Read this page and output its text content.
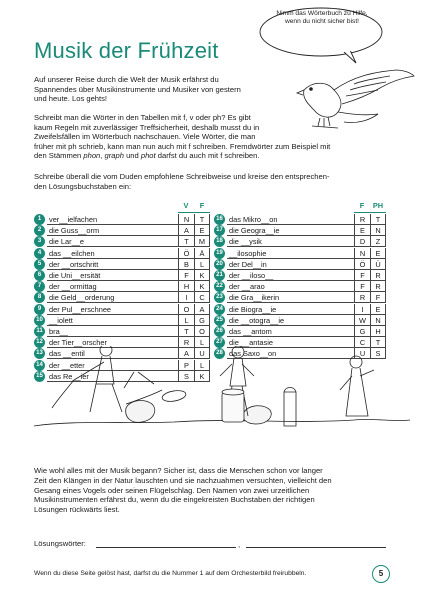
Musik der Frühzeit
Nimm das Wörterbuch zu Hilfe, wenn du nicht sicher bist!
Auf unserer Reise durch die Welt der Musik erfährst du
Spannendes über Musikinstrumente und Musiker von gestern
und heute. Los gehts!
Schreibt man die Wörter in den Tabellen mit f, v oder ph? Es gibt
kaum Regeln mit zuverlässiger Treffsicherheit, deshalb musst du in
Zweifelsfällen im Wörterbuch nachschauen. Viele Wörter, die man
früher mit ph schrieb, kann man nun auch mit f schreiben. Fremdwörter zum Beispiel mit
den Stämmen phon, graph und phot darfst du auch mit f schreiben.
Schreibe überall die vom Duden empfohlene Schreibweise und kreise den entsprechen-
den Lösungsbuchstaben ein:
V	F
1	ver__ielfachen	N	T
2	die Guss__orm	A	E
3	die Lar__e	T	M
4	das __eilchen	Ö	Ä
5	der __ortschritt	B	L
6	die Uni__ersität	F	K
7	der __ormittag	H	K
8	die Geld__orderung	I	C
9	der Pul__erschnee	O	A
10 __iolett	L	G
11 bra__	T	O
12 der Tier__orscher	R	L
13 das __entil	A	U
14 der __etter	P	L
15 das Re__ier	S	K
F	PH
16 das Mikro__on	R	T
17 die Geogra__ie	E	N
18 die __ysik	D	Z
19 __ilosophie	N	E
20 der Del__in	Ö	Ü
21 der __iloso__	F	R
22 der __arao	F	R
23 die Gra__ikerin	R	F
24 die Biogra__ie	I	E
25 die __otogra__ie	W	N
26 das __antom	G	H
27 die __antasie	C	T
28 das Saxo__on	U	S
Wie wohl alles mit der Musik begann? Sicher ist, dass die Menschen schon vor langer
Zeit den Klängen in der Natur lauschten und sie nachzuahmen versuchten, vielleicht den
Gesang eines Vogels oder seinen Flügelschlag. Den Namen von zwei urzeitlichen
Musikinstrumenten erfährst du, wenn du die eingekreisten Buchstaben der richtigen
Lösungen rückwärts liest.
Lösungswörter:	,
Wenn du diese Seite gelöst hast, darfst du die Nummer 1 auf dem Orchesterbild freirubbeln.	5
